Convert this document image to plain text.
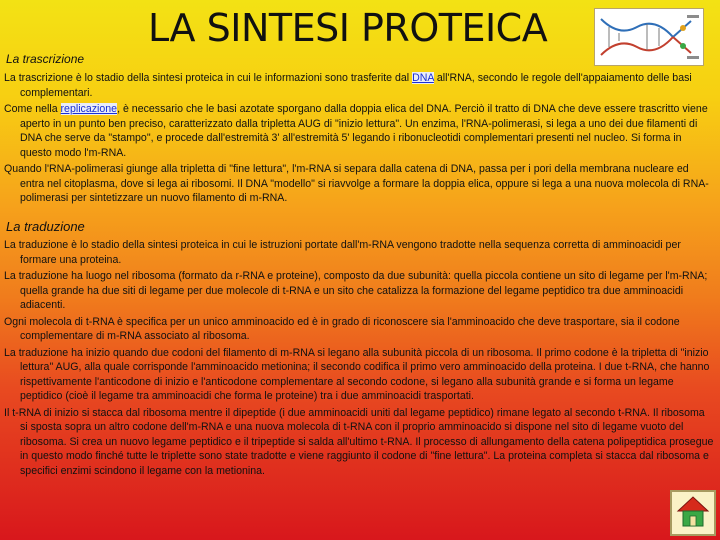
LA SINTESI PROTEICA
La trascrizione

La trascrizione è lo stadio della sintesi proteica in cui le informazioni sono trasferite dal DNA all'RNA, secondo le regole dell'appaiamento delle basi complementari.

Come nella replicazione, è necessario che le basi azotate sporgano dalla doppia elica del DNA. Perciò il tratto di DNA che deve essere trascritto viene aperto in un punto ben preciso, caratterizzato dalla tripletta AUG di "inizio lettura". Un enzima, l'RNA-polimerasi, si lega a uno dei due filamenti di DNA che serve da "stampo", e procede dall'estremità 3' all'estremità 5' legando i ribonucleotidi complementari presenti nel nucleo. Si forma in questo modo l'm-RNA.

Quando l'RNA-polimerasi giunge alla tripletta di "fine lettura", l'm-RNA si separa dalla catena di DNA, passa per i pori della membrana nucleare ed entra nel citoplasma, dove si lega ai ribosomi. Il DNA "modello" si riavvolge a formare la doppia elica, oppure si lega a una nuova molecola di RNA-polimerasi per sintetizzare un nuovo filamento di m-RNA.

La traduzione

La traduzione è lo stadio della sintesi proteica in cui le istruzioni portate dall'm-RNA vengono tradotte nella sequenza corretta di amminoacidi per formare una proteina.

La traduzione ha luogo nel ribosoma (formato da r-RNA e proteine), composto da due subunità: quella piccola contiene un sito di legame per l'm-RNA; quella grande ha due siti di legame per due molecole di t-RNA e un sito che catalizza la formazione del legame peptidico tra due amminoacidi adiacenti.

Ogni molecola di t-RNA è specifica per un unico amminoacido ed è in grado di riconoscere sia l'amminoacido che deve trasportare, sia il codone complementare di m-RNA associato al ribosoma.

La traduzione ha inizio quando due codoni del filamento di m-RNA si legano alla subunità piccola di un ribosoma. Il primo codone è la tripletta di "inizio lettura" AUG, alla quale corrisponde l'amminoacido metionina; il secondo codifica il primo vero amminoacido della proteina. I due t-RNA, che hanno rispettivamente l'anticodone di inizio e l'anticodone complementare al secondo codone, si legano alla subunità grande e si forma un legame peptidico (cioè il legame tra amminoacidi che forma le proteine) tra i due amminoacidi trasportati.

Il t-RNA di inizio si stacca dal ribosoma mentre il dipeptide (i due amminoacidi uniti dal legame peptidico) rimane legato al secondo t-RNA. Il ribosoma si sposta sopra un altro codone dell'm-RNA e una nuova molecola di t-RNA con il proprio amminoacido si dispone nel sito di legame vuoto del ribosoma. Si crea un nuovo legame peptidico e il tripeptide si salda all'ultimo t-RNA. Il processo di allungamento della catena polipeptidica prosegue in questo modo finché tutte le triplette sono state tradotte e viene raggiunto il codone di "fine lettura". La proteina completa si stacca dal ribosoma e specifici enzimi scindono il legame con la metionina.
